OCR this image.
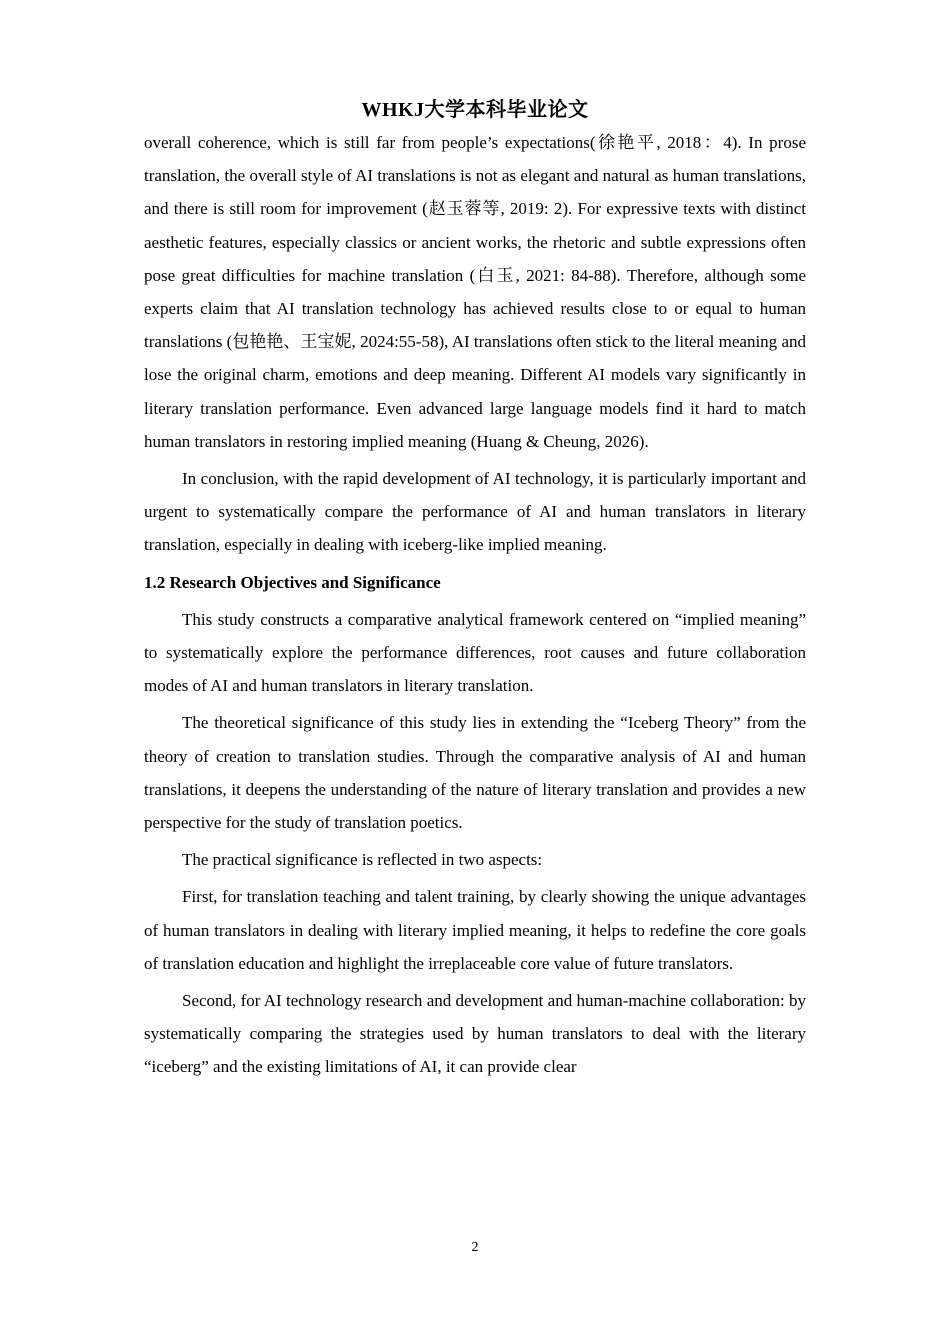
WHKJ大学本科毕业论文

overall coherence, which is still far from people’s expectations(徐艳平, 2018：4). In prose translation, the overall style of AI translations is not as elegant and natural as human translations, and there is still room for improvement (赵玉蓉等, 2019: 2). For expressive texts with distinct aesthetic features, especially classics or ancient works, the rhetoric and subtle expressions often pose great difficulties for machine translation (白玉, 2021: 84-88). Therefore, although some experts claim that AI translation technology has achieved results close to or equal to human translations (包艳艳、王宝妮, 2024:55-58), AI translations often stick to the literal meaning and lose the original charm, emotions and deep meaning. Different AI models vary significantly in literary translation performance. Even advanced large language models find it hard to match human translators in restoring implied meaning (Huang & Cheung, 2026).

In conclusion, with the rapid development of AI technology, it is particularly important and urgent to systematically compare the performance of AI and human translators in literary translation, especially in dealing with iceberg-like implied meaning.

1.2 Research Objectives and Significance

This study constructs a comparative analytical framework centered on “implied meaning” to systematically explore the performance differences, root causes and future collaboration modes of AI and human translators in literary translation.

The theoretical significance of this study lies in extending the “Iceberg Theory” from the theory of creation to translation studies. Through the comparative analysis of AI and human translations, it deepens the understanding of the nature of literary translation and provides a new perspective for the study of translation poetics.

The practical significance is reflected in two aspects:

First, for translation teaching and talent training, by clearly showing the unique advantages of human translators in dealing with literary implied meaning, it helps to redefine the core goals of translation education and highlight the irreplaceable core value of future translators.

Second, for AI technology research and development and human-machine collaboration: by systematically comparing the strategies used by human translators to deal with the literary “iceberg” and the existing limitations of AI, it can provide clear

2
